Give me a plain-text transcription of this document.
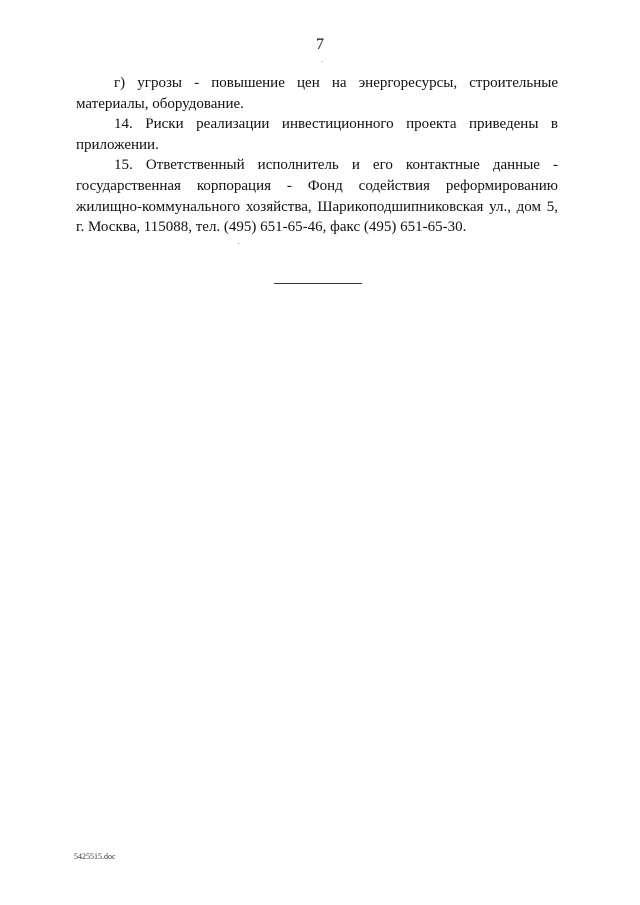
7

г) угрозы - повышение цен на энергоресурсы, строительные материалы, оборудование.

14. Риски реализации инвестиционного проекта приведены в приложении.

15. Ответственный исполнитель и его контактные данные - государственная корпорация - Фонд содействия реформированию жилищно-коммунального хозяйства, Шарикоподшипниковская ул., дом 5, г. Москва, 115088, тел. (495) 651-65-46, факс (495) 651-65-30.

5425515.doc
